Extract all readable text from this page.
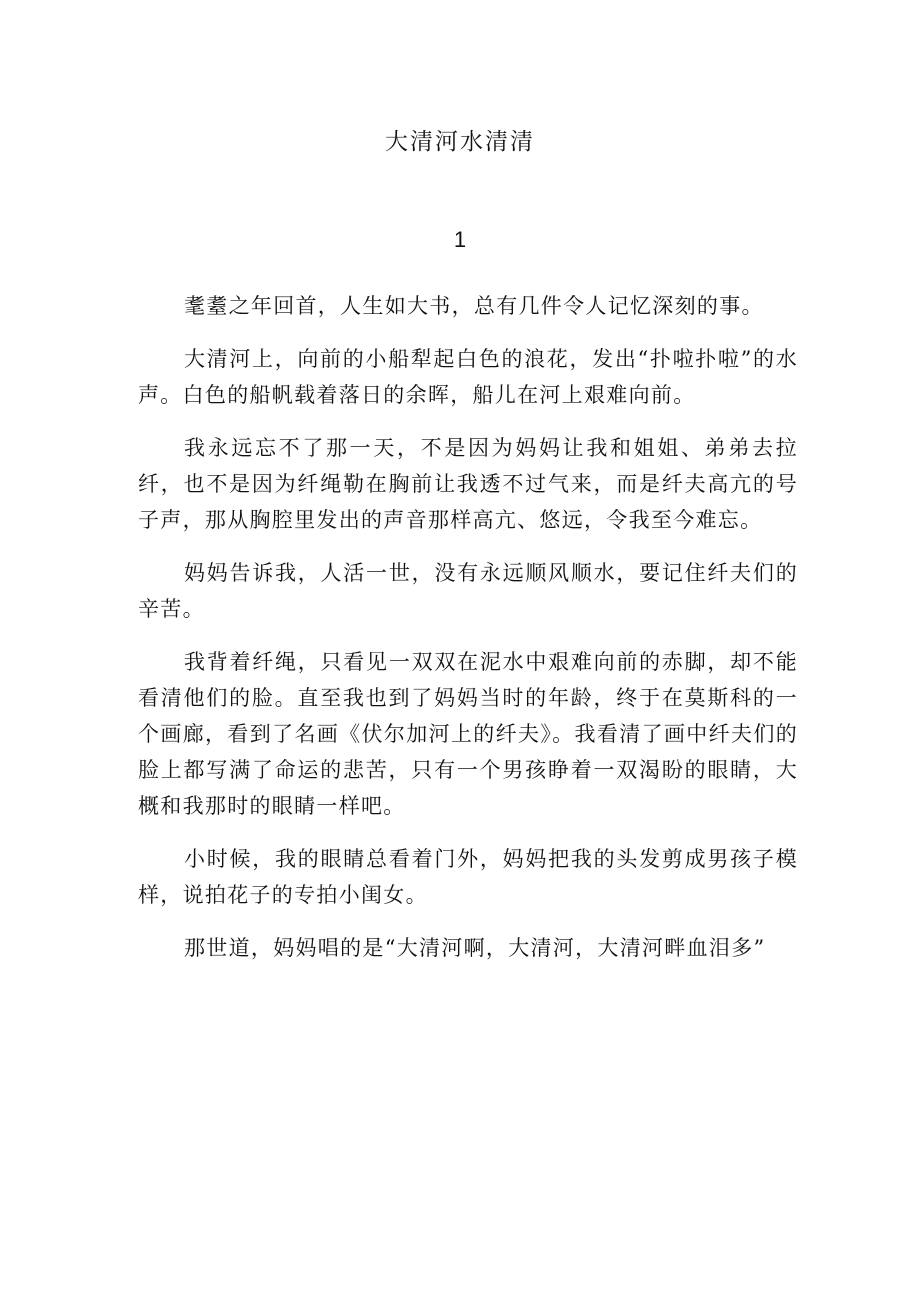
大清河水清清
1

耄耋之年回首，人生如大书，总有几件令人记忆深刻的事。

大清河上，向前的小船犁起白色的浪花，发出“扑啦扑啦”的水声。白色的船帆载着落日的余晖，船儿在河上艰难向前。

我永远忘不了那一天，不是因为妈妈让我和姐姐、弟弟去拉纤，也不是因为纤绳勒在胸前让我透不过气来，而是纤夫高亢的号子声，那从胸腔里发出的声音那样高亢、悠远，令我至今难忘。

妈妈告诉我，人活一世，没有永远顺风顺水，要记住纤夫们的辛苦。

我背着纤绳，只看见一双双在泥水中艰难向前的赤脚，却不能看清他们的脸。直至我也到了妈妈当时的年龄，终于在莫斯科的一个画廊，看到了名画《伏尔加河上的纤夫》。我看清了画中纤夫们的脸上都写满了命运的悲苦，只有一个男孩睁着一双渴盼的眼睛，大概和我那时的眼睛一样吧。

小时候，我的眼睛总看着门外，妈妈把我的头发剪成男孩子模样，说拍花子的专拍小闺女。

那世道，妈妈唱的是“大清河啊，大清河，大清河畔血泪多”
